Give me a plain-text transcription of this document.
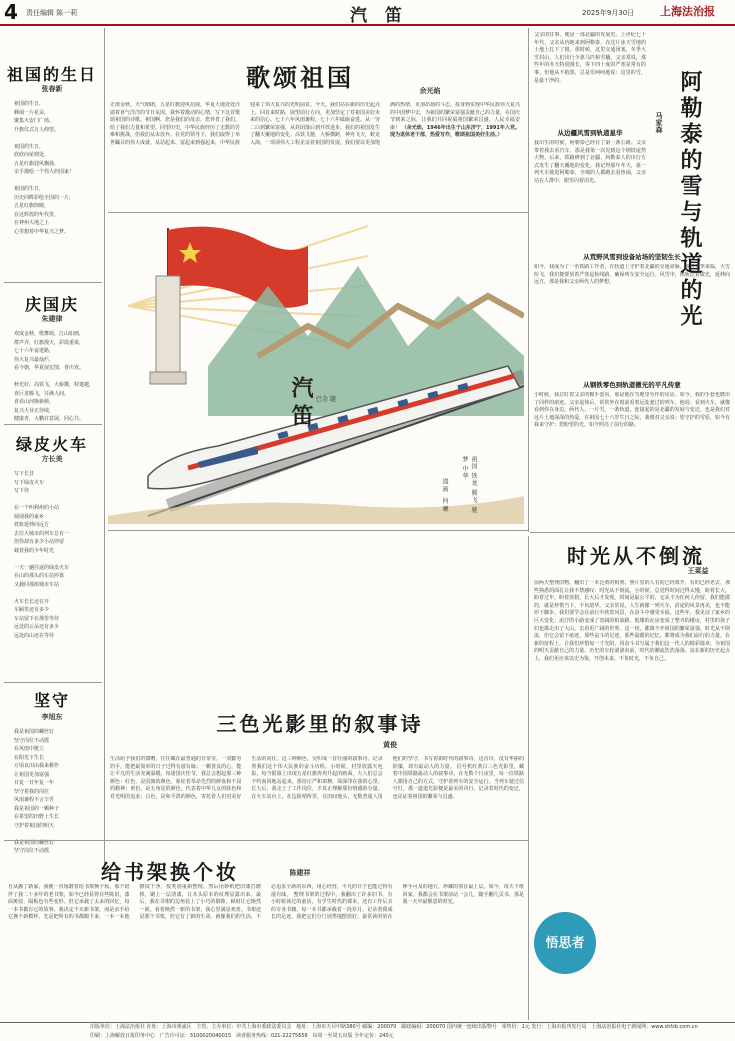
4 责任编辑 陈一莉	汽 笛	2025年9月30日 上海法治报
祖国的生日
张春新
祖国的生日，
蜂闹一片花朵，
聚集天安门广场，
升旗仪式万人仰望。

祖国的生日，
欣欣向荣到处，
五星红旗迎风飘扬，
亲手描绘一个伟大的国家！

祖国的生日，
历史回眸彩绘全国的一片，
五星红旗倒映，
在这辉煌的年代里，
在神州大地之上
心里想着中华复兴之梦。
庆国庆
朱建律
欢度金秋，歌舞颂，江山如画，
群声齐，红旗漫天，彩霞重染，
七十六年奋进路，
伟大复兴最灿烂，
看今朝，华夏展宏图，喜庆欢。

秋光好，高铁飞，大桥横，特遣越，
喜巨龙腾飞，芬满人间，
喜看山河换新颜，
复兴大业正待续，
健康青，大鹏许意展，同心共。
绿皮火车
方长美
写下长昔
写下绿皮火车
写下你

在一个叫利州的小站
阔别我的家乡
铁轨延伸向远方
去往大城市的列车总有一
但你却有多少小站停留
载着我的少年时光

一天一趟往返的绿皮火车
在山的那头的车站停靠
又载回那座城市车站

火车长长还在开
车厢里还有多少
车站留下在那里等待
远处的云朵还有多少
远处的山还在等待
坚守
李旭东
我是祖国的螺丝钉
坚守岗位不动摇
在风雨中挺立
在阳光下生长
万顷良田由我来耕作
让祖国更加富强
日复一日年复一年
坚守着我的岗位
风雨兼程不言辛苦
我是祖国的一颗种子
在希望的田野上生长
守护着祖国的明天

我是祖国的螺丝钉
坚守岗位不动摇
歌颂祖国	余光焰
正值金秋，天气晴朗，五星红旗迎风招展，华夏大地处处洋溢着喜气洋洋的节日氛围。我怀着激动的心情，写下这首歌颂祖国的诗歌。祖国啊，您是我们的母亲，您养育了我们，给了我们力量和希望。回望历史，中华民族经历了无数的苦难和挑战，但我们从未放弃。在党的领导下，我们取得了举世瞩目的伟大成就。从站起来、富起来到强起来，中华民族迎来了伟大复兴的光明前景。今天，我们站在新的历史起点上，回首来时路，展望前行方向，更加坚定了对祖国美好未来的信心。七十六年风雨兼程，七十六年砥砺奋进。从一穷二白到繁荣富强，从封闭落后到开放进步，我们的祖国发生了翻天覆地的变化。高铁飞驰，大桥横跨，神舟飞天，蛟龙入海，一项项伟大工程见证着祖国的发展。我们要以更加饱满的热情、更加昂扬的斗志，投身到实现中华民族伟大复兴的中国梦中去，为祖国的繁荣富强贡献自己的力量。在国庆节到来之际，让我们共同祝福祖国繁荣昌盛，人民幸福安康！ （余光焰，1946年出生于山东济宁，1991年入党。现为退休老干部，热爱写作，歌颂祖国美好生活。）
汽笛 巴金 题
祖国 铁龙 腾飞 驰梦 中华
漫画 何曦
阿勒泰的雪与轨道的光
马家森
父亲的往事，便是一部北疆的发展史。上世纪七十年代，父亲从内地来到阿勒泰，在这片冰天雪地的土地上扎下了根。那时候，这里交通闭塞，冬季大雪封山，人们出行全靠马匹和雪橇。父亲常说，那些年的冬天特别漫长，零下四十度的严寒是常有的事。但他从不抱怨，总是乐呵呵地说：这里的雪，是最干净的。
从边疆风雪到轨道星华
我出生的时候，阿勒泰已经有了第一条公路。父亲带着我去看汽车，那是我第一次见到这个钢铁庞然大物。后来，铁路修到了北疆，阿勒泰人的出行方式发生了翻天覆地的变化。我记得那年冬天，第一列火车驶进阿勒泰，全城的人都跑去看热闹，父亲站在人群中，眼里闪着泪光。
从荒野风雪到设备站场的坚韧生长
如今，我成为了一名铁路工作者，在轨道上守护着北疆的交通命脉。每当冬季来临，大雪纷飞，我们便要顶着严寒巡检线路，确保列车安全运行。风雪中，铁轨泛着微光，延伸向远方，那是我和父亲两代人的梦想。
从钢铁零色到轨道微光的平凡传意
小时候，我总盯着父亲的棉手套看，那是他在雪地里劳作的见证。如今，我的手套也磨出了同样的痕迹。父亲退休后，常常坐在窗前看着远处驶过的列车，他说：看到火车，就像看到你在身边。两代人，一片雪，一条轨道，连接起的是北疆的发展与变迁，也是我们对这片土地深深的热爱。在祖国七十六岁生日之际，我想对父亲说：您守护的雪原，如今有我来守护；您盼望的光，如今照亮了前行的路。
三色光影里的叙事诗
黄俊
生活给予我们的馈赠，往往藏在最普通的日常里。一双勤劳的手，能把最简单的日子过得有滋有味；一颗善良的心，能让平凡的生活充满温暖。每逢国庆佳节，我总会想起那三种颜色：红色，是国旗的颜色，象征着革命先烈的鲜血和不屈的精神；黄色，是五角星的颜色，代表着中华儿女的肤色和对光明的追求；白色，是和平鸽的颜色，寄托着人们对美好生活的向往。这三种颜色，交织成一首壮丽的叙事诗，记录着我们这个伟大民族的奋斗历程。小时候，村里放露天电影，每当银幕上出现五星红旗冉冉升起的画面，大人们总会不约而同地站起来，那份庄严和肃穆，深深印在我的心里。长大后，我走上了工作岗位，才真正理解那份情感的分量。在火车站台上，在边防哨所里，在田间地头，无数普通人用他们的坚守，书写着新时代的叙事诗。这首诗，没有华丽的辞藻，却有最动人的力量。 信号机红黄白三色光影里，藏着中国铁路最动人的叙事诗。在无数个日夜里，每一位铁路人都用自己的方式，守护着列车的安全运行。当列车驶过信号灯，那一道道光影便是最美的诗行，记录着时代的变迁，也见证着祖国的繁荣与昌盛。
给书架换个妆	陈建祥
自从搬了新家，我便一直琢磨着给书架换个妆。那个陪伴了我二十多年的老书架，如今已经显得有些陈旧，漆面斑驳，隔板也有些变形。但它承载了太多的回忆，每一本书都有它的故事。我决定不买新书架，而是亲手给它换个新模样。先是把所有的书都搬下来，一本一本地擦拭干净，按类别重新整理。然后用砂纸把旧漆打磨掉，刷上一层清漆，让木头原本的纹理显露出来。最后，我在书架的边角装上了小巧的铜饰，顿时让它焕然一新。看着焕然一新的书架，我心里满是欢喜。书架还是那个书架，但它有了新的生命。就像我们的生活，不必追求全新的东西，用心经营，平凡的日子也能过得有滋有味。 整理书架的过程中，我翻出了许多旧书，有小时候读过的童话，有学生时代的课本，还有工作后买的专业书籍。每一本书都承载着一段岁月，记录着我成长的足迹。我把它们分门别类地摆放好，最常读的放在伸手可及的地方，珍藏的放在最上层。如今，每天下班回家，我都会在书架前站一会儿，随手翻几页书，那是我一天中最惬意的时光。
时光从不倒流
王菜益
前两天整理旧物，翻出了一本泛黄的相册。照片里的人有的已经离开，有的已经老去，那些熟悉的面孔让我不禁感叹：时光从不倒流。小时候，总觉得时间过得太慢，盼着长大，盼着过年，盼着放假。长大后才发现，时间是最公平的，它从不为任何人停留。我们能做的，就是珍惜当下，不负韶华。父亲常说，人生就像一列火车，沿途的风景再美，也不能停下脚步。我们要学会在前行中欣赏风景，在奋斗中感受幸福。这些年，我见证了家乡的巨大变化：泥泞的小路变成了宽阔的柏油路，低矮的瓦房变成了整齐的楼房，村里的孩子们也都走出了大山，去看更广阔的世界。这一切，都离不开祖国的繁荣富强。时光从不倒流，但它会留下痕迹。那些奋斗的足迹，那些温暖的记忆，都将成为我们前行的力量。在新的征程上，让我们珍惜每一寸光阴，用奋斗书写属于我们这一代人的精彩篇章，为祖国的明天贡献自己的力量。历史的车轮滚滚向前，时代的潮流浩浩荡荡。站在新的历史起点上，我们更应该以史为鉴，开创未来，不负时光，不负自己。
悟思者
出版单位：上海法治报社 社址：上海市黄浦区 主管、主办单位：中共上海市委政法委员会 地址：上海市天目中路380号 邮编：200070 邮政编码：200070 国内统一连续出版物号 零售价：1元 发行：上海市报刊发行局 上海法治报社电子新闻网：www.shfzb.com.cn
印刷：上海解放日报印务中心 广告许可证：3100020040015 读者服务热线：021-22275656 每周一至周五出版 全年定价：240元
